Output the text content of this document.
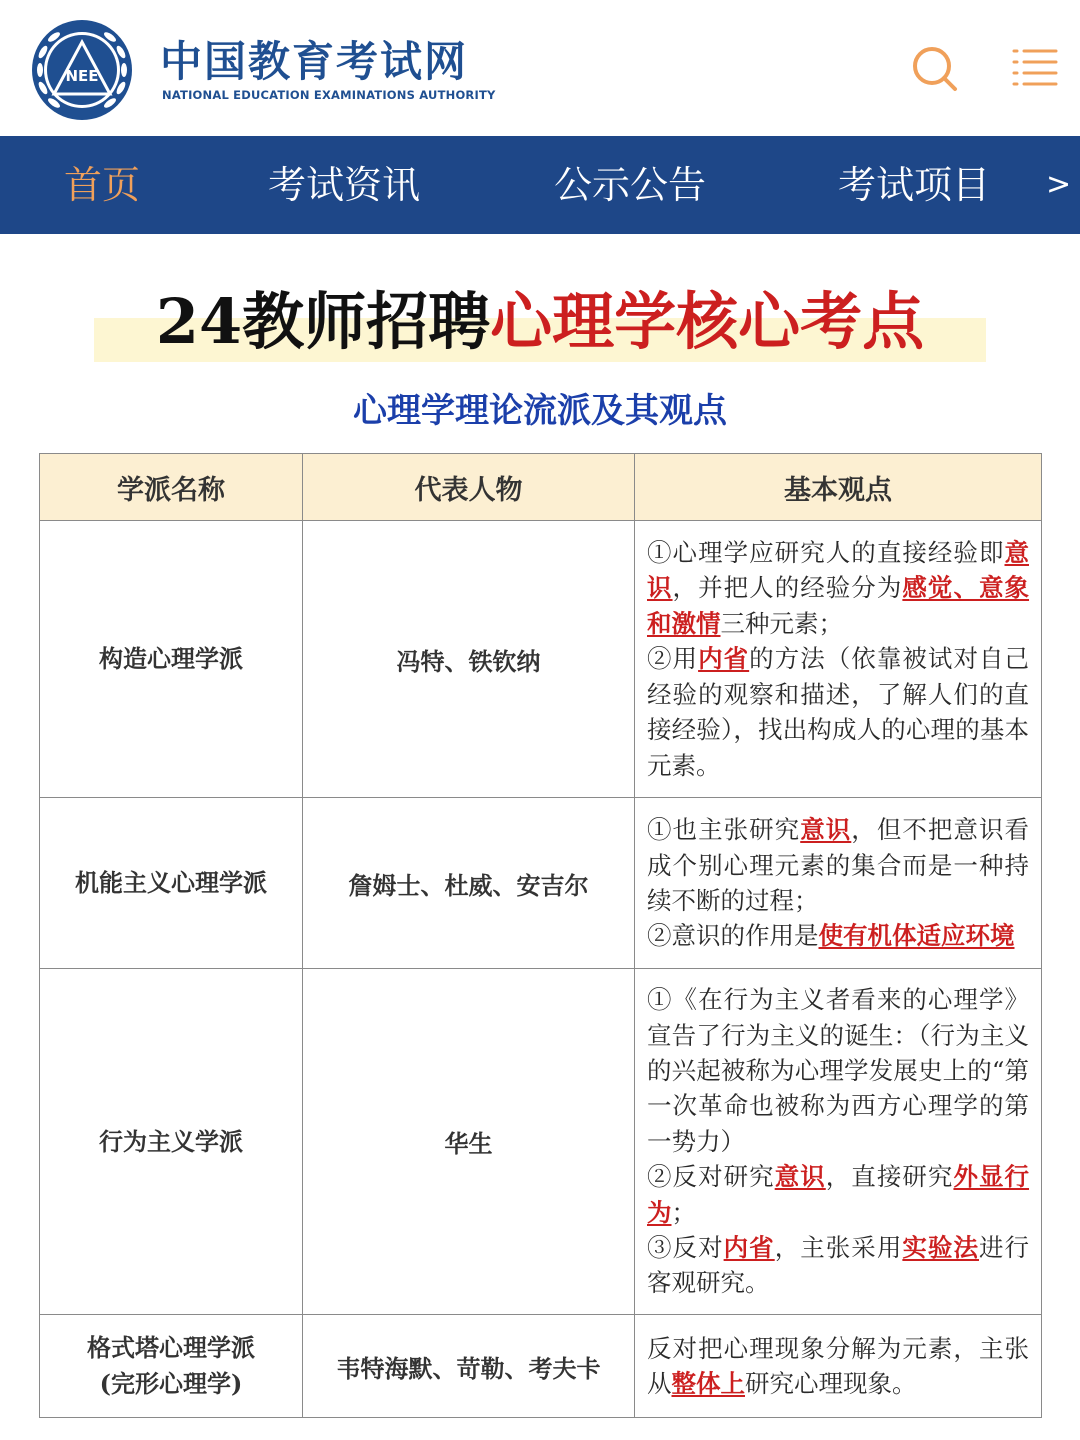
NEE 中国教育考试网
NATIONAL EDUCATION EXAMINATIONS AUTHORITY
首页	考试资讯	公示公告	考试项目 >
24教师招聘心理学核心考点
心理学理论流派及其观点
学派名称	代表人物	基本观点

构造心理学派	冯特、铁钦纳	①心理学应研究人的直接经验即意识，并把人的经验分为感觉、意象和激情三种元素；
②用内省的方法（依靠被试对自己经验的观察和描述，了解人们的直接经验），找出构成人的心理的基本元素。

机能主义心理学派	詹姆士、杜威、安吉尔	①也主张研究意识，但不把意识看成个别心理元素的集合而是一种持续不断的过程；
②意识的作用是使有机体适应环境

行为主义学派	华生	①《在行为主义者看来的心理学》宣告了行为主义的诞生：（行为主义的兴起被称为心理学发展史上的“第一次革命也被称为西方心理学的第一势力）
②反对研究意识，直接研究外显行为；
③反对内省，主张采用实验法进行客观研究。

格式塔心理学派
(完形心理学)	韦特海默、苛勒、考夫卡	反对把心理现象分解为元素，主张从整体上研究心理现象。
